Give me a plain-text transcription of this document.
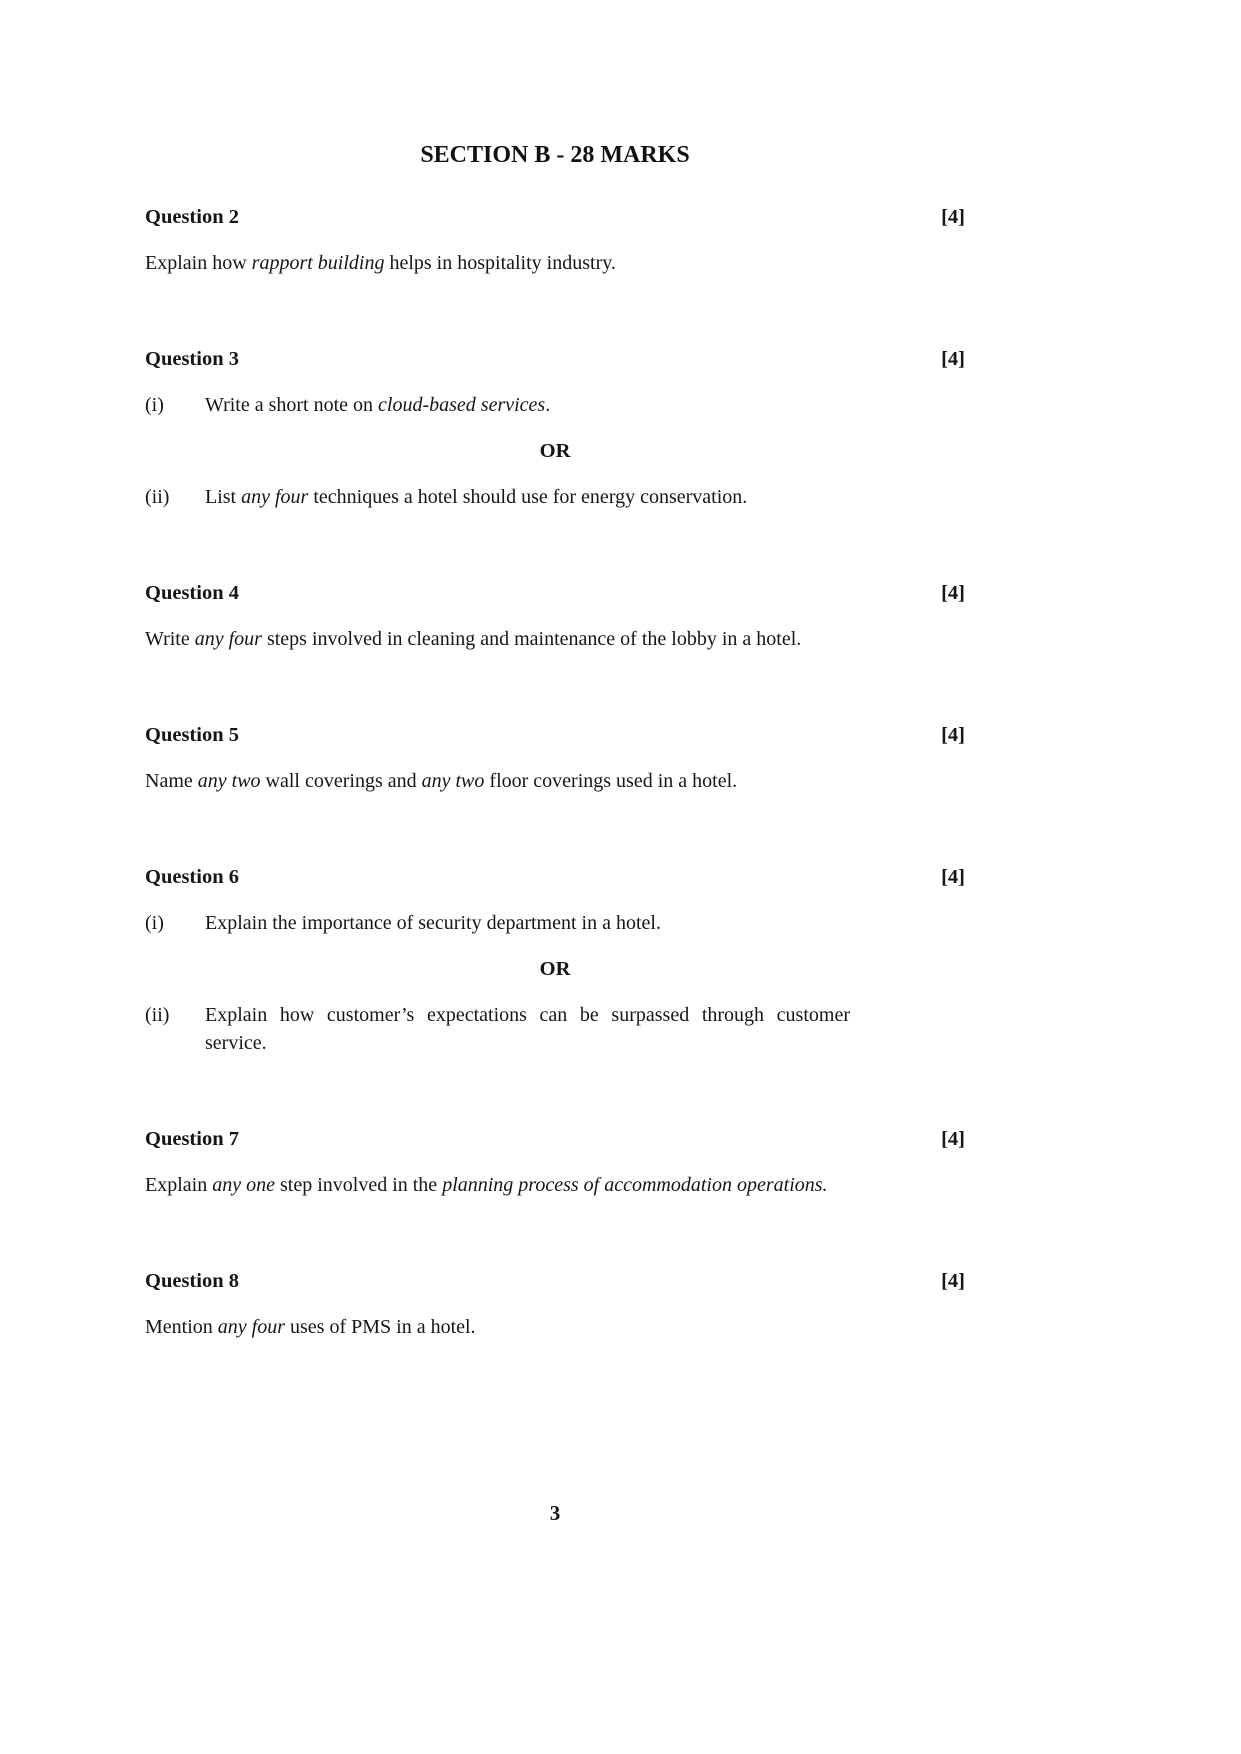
SECTION B - 28 MARKS
Question 2	[4]

Explain how rapport building helps in hospitality industry.

Question 3	[4]
(i)	Write a short note on cloud-based services.

OR
(ii)	List any four techniques a hotel should use for energy conservation.

Question 4	[4]

Write any four steps involved in cleaning and maintenance of the lobby in a hotel.

Question 5	[4]

Name any two wall coverings and any two floor coverings used in a hotel.

Question 6	[4]
(i)	Explain the importance of security department in a hotel.

OR
(ii)	Explain how customer’s expectations can be surpassed through customer service.

Question 7	[4]

Explain any one step involved in the planning process of accommodation operations.

Question 8	[4]

Mention any four uses of PMS in a hotel.

3
